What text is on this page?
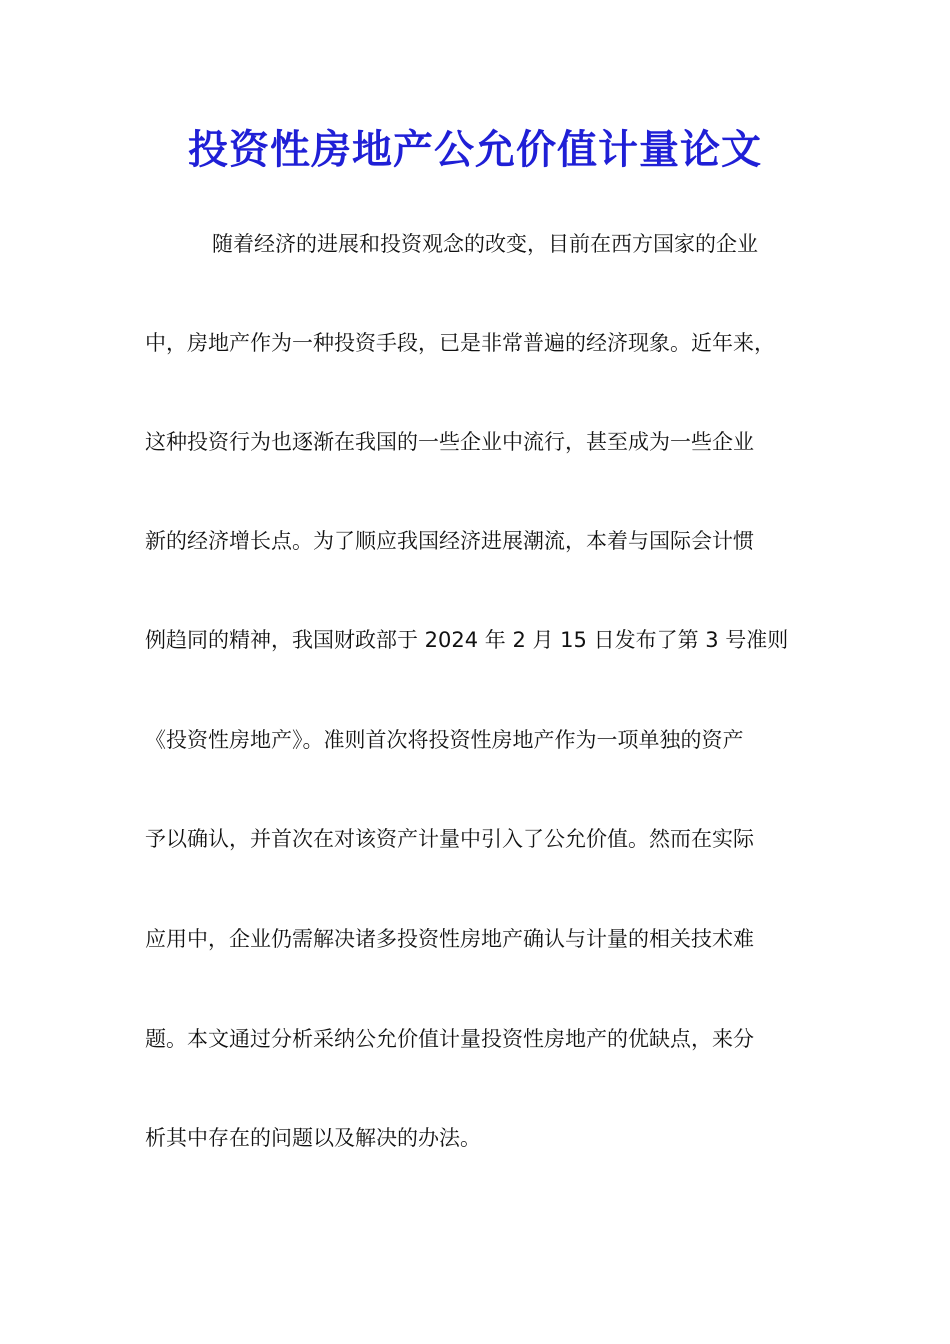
投资性房地产公允价值计量论文
随着经济的进展和投资观念的改变，目前在西方国家的企业
中，房地产作为一种投资手段，已是非常普遍的经济现象。近年来，
这种投资行为也逐渐在我国的一些企业中流行，甚至成为一些企业
新的经济增长点。为了顺应我国经济进展潮流，本着与国际会计惯
例趋同的精神，我国财政部于 2024 年 2 月 15 日发布了第 3 号准则
《投资性房地产》。准则首次将投资性房地产作为一项单独的资产
予以确认，并首次在对该资产计量中引入了公允价值。然而在实际
应用中，企业仍需解决诸多投资性房地产确认与计量的相关技术难
题。本文通过分析采纳公允价值计量投资性房地产的优缺点，来分
析其中存在的问题以及解决的办法。
